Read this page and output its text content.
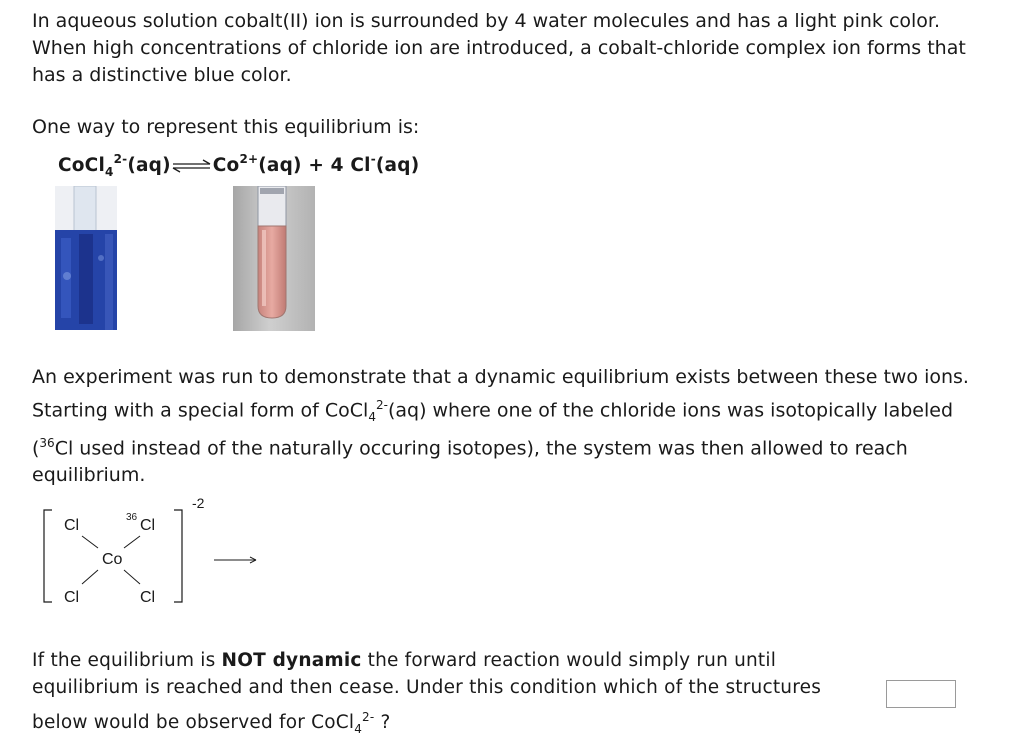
In aqueous solution cobalt(II) ion is surrounded by 4 water molecules and has a light pink color.
When high concentrations of chloride ion are introduced, a cobalt-chloride complex ion forms that
has a distinctive blue color.

One way to represent this equilibrium is:

$CoCl_4^{2-}(aq)\rightleftharpoons Co^{2+}(aq) + 4$ Cl-(aq)

An experiment was run to demonstrate that a dynamic equilibrium exists between these two ions.
Starting with a special form of CoCl$_4^{2-}$(aq) where one of the chloride ions was isotopically labeled
($^{36}$Cl used instead of the naturally occuring isotopes), the system was then allowed to reach
equilibrium.

-2
Cl	36 Cl
Co
Cl	Cl

If the equilibrium is NOT dynamic the forward reaction would simply run until
equilibrium is reached and then cease. Under this condition which of the structures
below would be observed for CoCl$_4^{2-}$ ?
